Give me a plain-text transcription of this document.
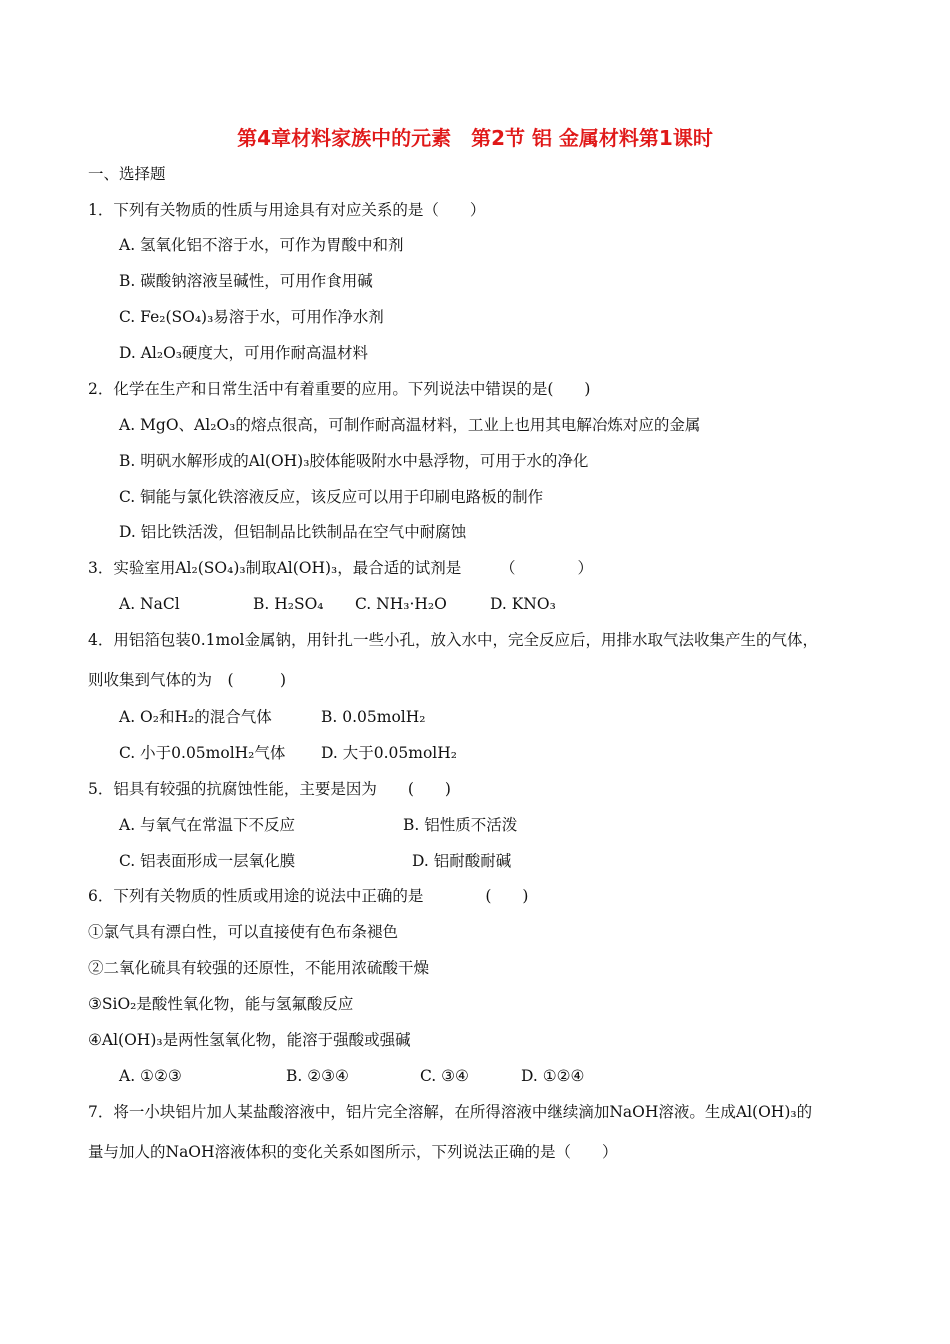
第4章材料家族中的元素　第2节 铝 金属材料第1课时
一、选择题
1．下列有关物质的性质与用途具有对应关系的是（　　）
A. 氢氧化铝不溶于水，可作为胃酸中和剂
B. 碳酸钠溶液呈碱性，可用作食用碱
C. Fe₂(SO₄)₃易溶于水，可用作净水剂
D. Al₂O₃硬度大，可用作耐高温材料
2．化学在生产和日常生活中有着重要的应用。下列说法中错误的是(　　)
A. MgO、Al₂O₃的熔点很高，可制作耐高温材料，工业上也用其电解冶炼对应的金属
B. 明矾水解形成的Al(OH)₃胶体能吸附水中悬浮物，可用于水的净化
C. 铜能与氯化铁溶液反应，该反应可以用于印刷电路板的制作
D. 铝比铁活泼，但铝制品比铁制品在空气中耐腐蚀
3．实验室用Al₂(SO₄)₃制取Al(OH)₃，最合适的试剂是　　　（　　　　）
A. NaCl	B. H₂SO₄ C. NH₃·H₂O	D. KNO₃
4．用铝箔包装0.1mol金属钠，用针扎一些小孔，放入水中，完全反应后，用排水取气法收集产生的气体，
则收集到气体的为　(　　　)
A. O₂和H₂的混合气体	B. 0.05molH₂
C. 小于0.05molH₂气体 D. 大于0.05molH₂
5．铝具有较强的抗腐蚀性能，主要是因为　　(　　)
A. 与氧气在常温下不反应	B. 铝性质不活泼
C. 铝表面形成一层氧化膜	D. 铝耐酸耐碱
6．下列有关物质的性质或用途的说法中正确的是　　　　(　　)
①氯气具有漂白性，可以直接使有色布条褪色
②二氧化硫具有较强的还原性，不能用浓硫酸干燥
③SiO₂是酸性氧化物，能与氢氟酸反应
④Al(OH)₃是两性氢氧化物，能溶于强酸或强碱
A. ①②③	B. ②③④	C. ③④	D. ①②④
7．将一小块铝片加人某盐酸溶液中，铝片完全溶解，在所得溶液中继续滴加NaOH溶液。生成Al(OH)₃的
量与加人的NaOH溶液体积的变化关系如图所示，下列说法正确的是（　　）
